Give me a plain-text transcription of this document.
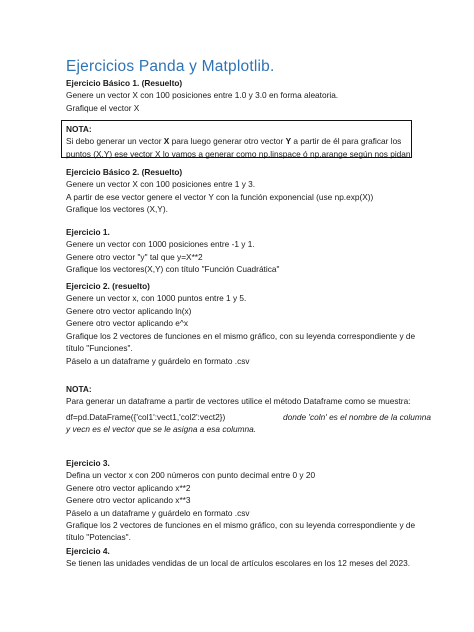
Ejercicios Panda y Matplotlib.
Ejercicio Básico 1. (Resuelto)
Genere un vector X con 100 posiciones entre 1.0 y 3.0 en forma aleatoria.
Grafique el vector X
NOTA:
Si debo generar un vector X para luego generar otro vector Y a partir de él para graficar los
puntos (X,Y) ese vector X lo vamos a generar como np.linspace ó np.arange según nos pidan.
Ejercicio Básico 2. (Resuelto)
Genere un vector X con 100 posiciones entre 1 y 3.
A partir de ese vector genere el vector Y con la función exponencial (use np.exp(X))
Grafique los vectores (X,Y).
Ejercicio 1.
Genere un vector con 1000 posiciones entre -1 y 1.
Genere otro vector "y" tal que y=X**2
Grafique los vectores(X,Y) con título "Función Cuadrática"
Ejercicio 2. (resuelto)
Genere un vector x, con 1000 puntos entre 1 y 5.
Genere otro vector aplicando ln(x)
Genere otro vector aplicando e^x
Grafique los 2 vectores de funciones en el mismo gráfico, con su leyenda correspondiente y de
título "Funciones".
Páselo a un dataframe y guárdelo en formato .csv
NOTA:
Para generar un dataframe a partir de vectores utilice el método Dataframe como se muestra:
df=pd.DataFrame({'col1':vect1,'col2':vect2})	donde 'coln' es el nombre de la columna
y vecn es el vector que se le asigna a esa columna.
Ejercicio 3.
Defina un vector x con 200 números con punto decimal entre 0 y 20
Genere otro vector aplicando x**2
Genere otro vector aplicando x**3
Páselo a un dataframe y guárdelo en formato .csv
Grafique los 2 vectores de funciones en el mismo gráfico, con su leyenda correspondiente y de
título "Potencias".
Ejercicio 4.
Se tienen las unidades vendidas de un local de artículos escolares en los 12 meses del 2023.
